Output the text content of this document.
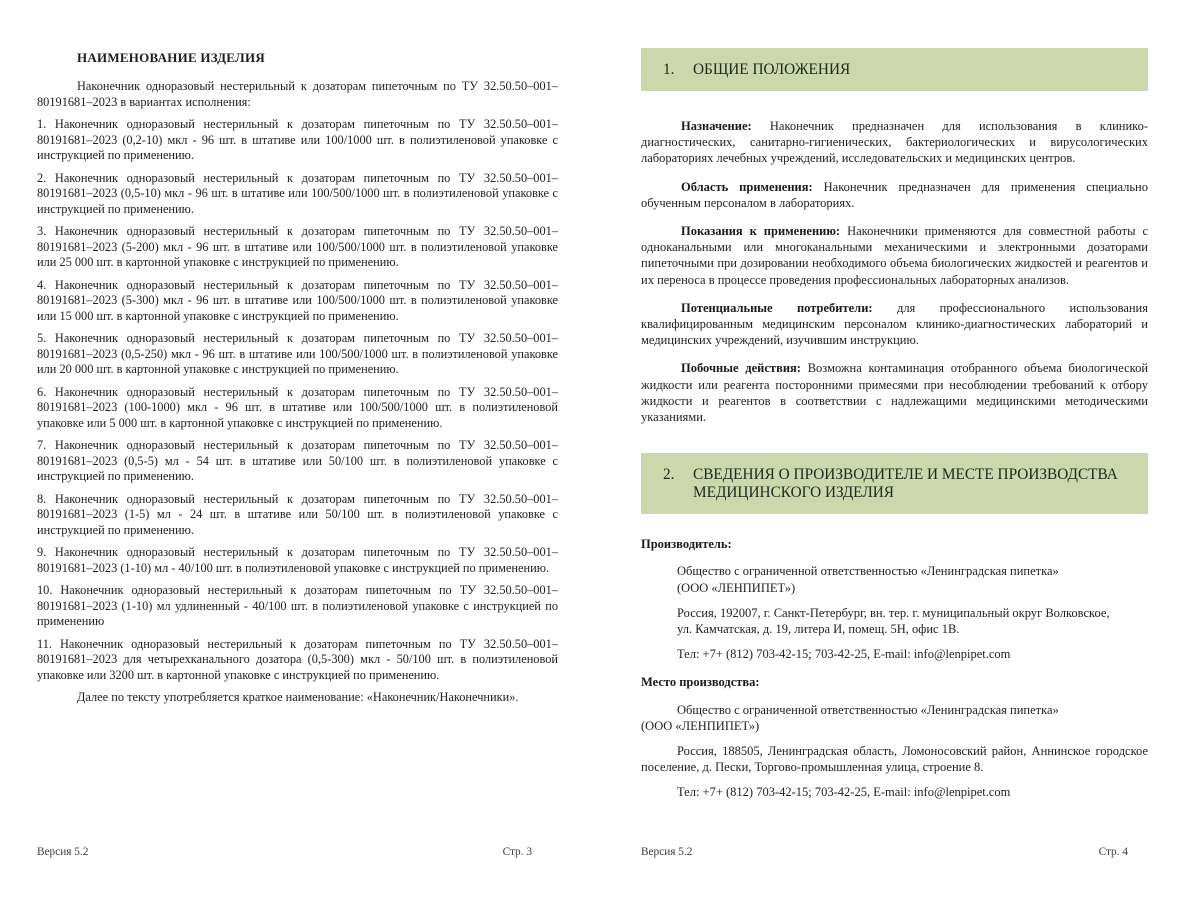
НАИМЕНОВАНИЕ ИЗДЕЛИЯ

Наконечник одноразовый нестерильный к дозаторам пипеточным по ТУ 32.50.50–001–80191681–2023 в вариантах исполнения:

1. Наконечник одноразовый нестерильный к дозаторам пипеточным по ТУ 32.50.50–001–80191681–2023 (0,2-10) мкл - 96 шт. в штативе или 100/1000 шт. в полиэтиленовой упаковке с инструкцией по применению.

2. Наконечник одноразовый нестерильный к дозаторам пипеточным по ТУ 32.50.50–001–80191681–2023 (0,5-10) мкл - 96 шт. в штативе или 100/500/1000 шт. в полиэтиленовой упаковке с инструкцией по применению.

3. Наконечник одноразовый нестерильный к дозаторам пипеточным по ТУ 32.50.50–001–80191681–2023 (5-200) мкл - 96 шт. в штативе или 100/500/1000 шт. в полиэтиленовой упаковке или 25 000 шт. в картонной упаковке с инструкцией по применению.

4. Наконечник одноразовый нестерильный к дозаторам пипеточным по ТУ 32.50.50–001–80191681–2023 (5-300) мкл - 96 шт. в штативе или 100/500/1000 шт. в полиэтиленовой упаковке или 15 000 шт. в картонной упаковке с инструкцией по применению.

5. Наконечник одноразовый нестерильный к дозаторам пипеточным по ТУ 32.50.50–001–80191681–2023 (0,5-250) мкл - 96 шт. в штативе или 100/500/1000 шт. в полиэтиленовой упаковке или 20 000 шт. в картонной упаковке с инструкцией по применению.

6. Наконечник одноразовый нестерильный к дозаторам пипеточным по ТУ 32.50.50–001–80191681–2023 (100-1000) мкл - 96 шт. в штативе или 100/500/1000 шт. в полиэтиленовой упаковке или 5 000 шт. в картонной упаковке с инструкцией по применению.

7. Наконечник одноразовый нестерильный к дозаторам пипеточным по ТУ 32.50.50–001–80191681–2023 (0,5-5) мл - 54 шт. в штативе или 50/100 шт. в полиэтиленовой упаковке с инструкцией по применению.

8. Наконечник одноразовый нестерильный к дозаторам пипеточным по ТУ 32.50.50–001–80191681–2023 (1-5) мл - 24 шт. в штативе или 50/100 шт. в полиэтиленовой упаковке с инструкцией по применению.

9. Наконечник одноразовый нестерильный к дозаторам пипеточным по ТУ 32.50.50–001–80191681–2023 (1-10) мл - 40/100 шт. в полиэтиленовой упаковке с инструкцией по применению.

10. Наконечник одноразовый нестерильный к дозаторам пипеточным по ТУ 32.50.50–001–80191681–2023 (1-10) мл удлиненный - 40/100 шт. в полиэтиленовой упаковке с инструкцией по применению

11. Наконечник одноразовый нестерильный к дозаторам пипеточным по ТУ 32.50.50–001–80191681–2023 для четырехканального дозатора (0,5-300) мкл - 50/100 шт. в полиэтиленовой упаковке или 3200 шт. в картонной упаковке с инструкцией по применению.

Далее по тексту употребляется краткое наименование: «Наконечник/Наконечники».

1.	ОБЩИЕ ПОЛОЖЕНИЯ

Назначение: Наконечник предназначен для использования в клинико-диагностических, санитарно-гигиенических, бактериологических и вирусологических лабораториях лечебных учреждений, исследовательских и медицинских центров.

Область применения: Наконечник предназначен для применения специально обученным персоналом в лабораториях.

Показания к применению: Наконечники применяются для совместной работы с одноканальными или многоканальными механическими и электронными дозаторами пипеточными при дозировании необходимого объема биологических жидкостей и реагентов и их переноса в процессе проведения профессиональных лабораторных анализов.

Потенциальные потребители: для профессионального использования квалифицированным медицинским персоналом клинико-диагностических лабораторий и медицинских учреждений, изучившим инструкцию.

Побочные действия: Возможна контаминация отобранного объема биологической жидкости или реагента посторонними примесями при несоблюдении требований к отбору жидкости и реагентов в соответствии с надлежащими медицинскими методическими указаниями.

2.	СВЕДЕНИЯ О ПРОИЗВОДИТЕЛЕ И МЕСТЕ ПРОИЗВОДСТВА МЕДИЦИНСКОГО ИЗДЕЛИЯ

Производитель:

Общество с ограниченной ответственностью «Ленинградская пипетка»
(ООО «ЛЕНПИПЕТ»)

Россия, 192007, г. Санкт-Петербург, вн. тер. г. муниципальный округ Волковское,
ул. Камчатская, д. 19, литера И, помещ. 5Н, офис 1В.

Тел: +7+ (812) 703-42-15; 703-42-25, E-mail: info@lenpipet.com

Место производства:

Общество с ограниченной ответственностью «Ленинградская пипетка»
(ООО «ЛЕНПИПЕТ»)

Россия, 188505, Ленинградская область, Ломоносовский район, Аннинское городское поселение, д. Пески, Торгово-промышленная улица, строение 8.

Тел: +7+ (812) 703-42-15; 703-42-25, E-mail: info@lenpipet.com

Версия 5.2	Стр. 3	Версия 5.2	Стр. 4
